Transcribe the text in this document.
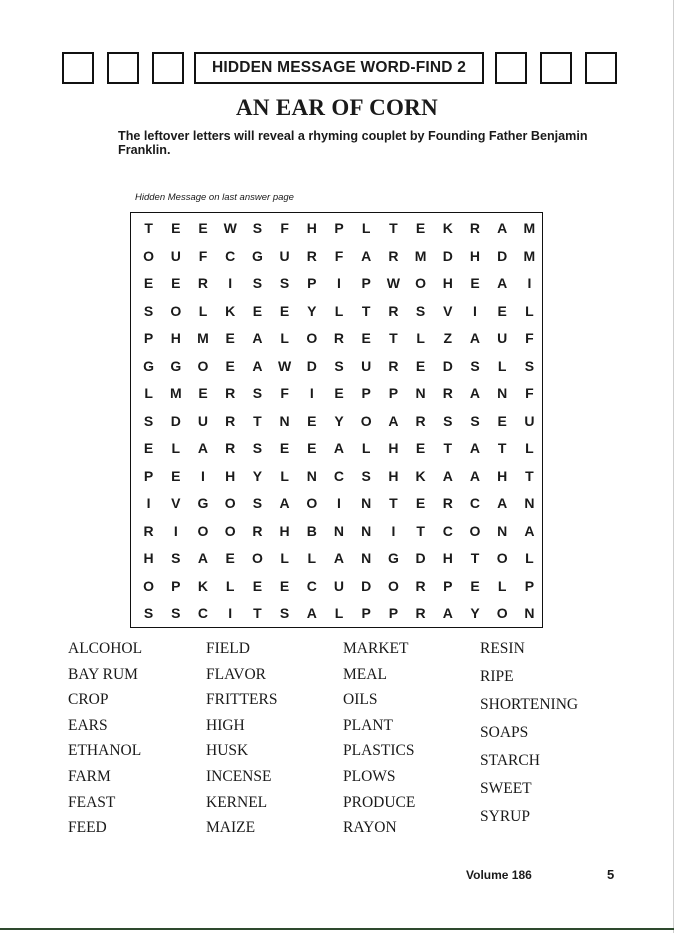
HIDDEN MESSAGE WORD-FIND 2
AN EAR OF CORN
The leftover letters will reveal a rhyming couplet by Founding Father Benjamin Franklin.
Hidden Message on last answer page
T	E	E	W	S	F	H	P	L	T	E	K	R	A	M
O	U	F	C	G	U	R	F	A	R	M	D	H	D	M
E	E	R	I	S	S	P	I	P	W	O	H	E	A	I
S	O	L	K	E	E	Y	L	T	R	S	V	I	E	L
P	H	M	E	A	L	O	R	E	T	L	Z	A	U	F
G	G	O	E	A	W	D	S	U	R	E	D	S	L	S
L	M	E	R	S	F	I	E	P	P	N	R	A	N	F
S	D	U	R	T	N	E	Y	O	A	R	S	S	E	U
E	L	A	R	S	E	E	A	L	H	E	T	A	T	L
P	E	I	H	Y	L	N	C	S	H	K	A	A	H	T
I	V	G	O	S	A	O	I	N	T	E	R	C	A	N
R	I	O	O	R	H	B	N	N	I	T	C	O	N	A
H	S	A	E	O	L	L	A	N	G	D	H	T	O	L
O	P	K	L	E	E	C	U	D	O	R	P	E	L	P
S	S	C	I	T	S	A	L	P	P	R	A	Y	O	N
ALCOHOL
BAY RUM
CROP
EARS
ETHANOL
FARM
FEAST
FEED
FIELD
FLAVOR
FRITTERS
HIGH
HUSK
INCENSE
KERNEL
MAIZE
MARKET
MEAL
OILS
PLANT
PLASTICS
PLOWS
PRODUCE
RAYON
RESIN
RIPE
SHORTENING
SOAPS
STARCH
SWEET
SYRUP
Volume 186	5
